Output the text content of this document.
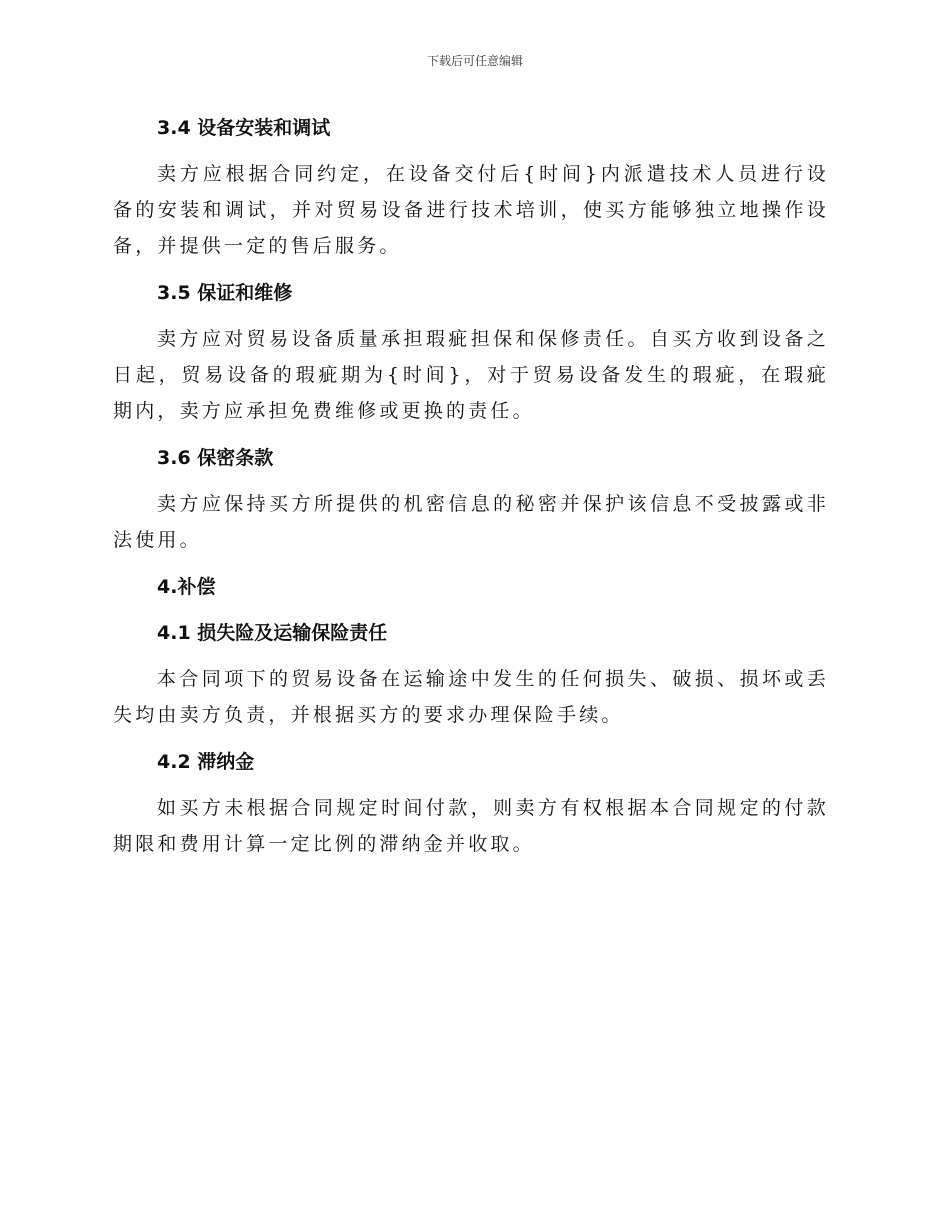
下载后可任意编辑
3.4 设备安装和调试

卖方应根据合同约定，在设备交付后{时间}内派遣技术人员进行设备的安装和调试，并对贸易设备进行技术培训，使买方能够独立地操作设备，并提供一定的售后服务。

3.5 保证和维修

卖方应对贸易设备质量承担瑕疵担保和保修责任。自买方收到设备之日起，贸易设备的瑕疵期为{时间}，对于贸易设备发生的瑕疵，在瑕疵期内，卖方应承担免费维修或更换的责任。

3.6 保密条款

卖方应保持买方所提供的机密信息的秘密并保护该信息不受披露或非法使用。

4.补偿
4.1 损失险及运输保险责任

本合同项下的贸易设备在运输途中发生的任何损失、破损、损坏或丢失均由卖方负责，并根据买方的要求办理保险手续。

4.2 滞纳金

如买方未根据合同规定时间付款，则卖方有权根据本合同规定的付款期限和费用计算一定比例的滞纳金并收取。
